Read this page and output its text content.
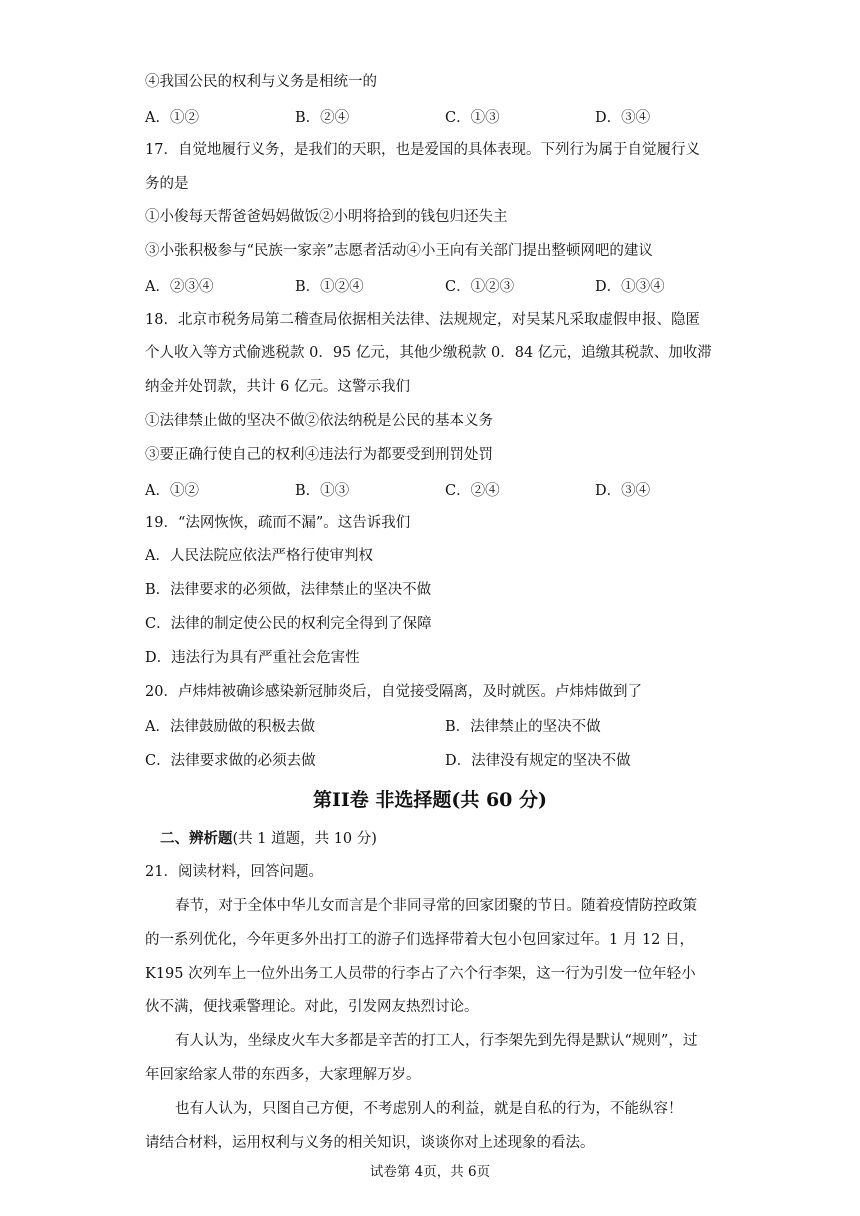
④我国公民的权利与义务是相统一的
A．①②	B．②④	C．①③	D．③④
17．自觉地履行义务，是我们的天职，也是爱国的具体表现。下列行为属于自觉履行义
务的是
①小俊每天帮爸爸妈妈做饭②小明将拾到的钱包归还失主
③小张积极参与“民族一家亲”志愿者活动④小王向有关部门提出整顿网吧的建议
A．②③④	B．①②④	C．①②③	D．①③④
18．北京市税务局第二稽查局依据相关法律、法规规定，对吴某凡采取虚假申报、隐匿
个人收入等方式偷逃税款 0．95 亿元，其他少缴税款 0．84 亿元，追缴其税款、加收滞
纳金并处罚款，共计 6 亿元。这警示我们
①法律禁止做的坚决不做②依法纳税是公民的基本义务
③要正确行使自己的权利④违法行为都要受到刑罚处罚
A．①②	B．①③	C．②④	D．③④
19．“法网恢恢，疏而不漏”。这告诉我们
A．人民法院应依法严格行使审判权
B．法律要求的必须做，法律禁止的坚决不做
C．法律的制定使公民的权利完全得到了保障
D．违法行为具有严重社会危害性
20．卢炜炜被确诊感染新冠肺炎后，自觉接受隔离，及时就医。卢炜炜做到了
A．法律鼓励做的积极去做	B．法律禁止的坚决不做
C．法律要求做的必须去做	D．法律没有规定的坚决不做
第II卷 非选择题(共 60 分)
二、辨析题(共 1 道题，共 10 分)
21．阅读材料，回答问题。
春节，对于全体中华儿女而言是个非同寻常的回家团聚的节日。随着疫情防控政策
的一系列优化，今年更多外出打工的游子们选择带着大包小包回家过年。1 月 12 日，
K195 次列车上一位外出务工人员带的行李占了六个行李架，这一行为引发一位年轻小
伙不满，便找乘警理论。对此，引发网友热烈讨论。
有人认为，坐绿皮火车大多都是辛苦的打工人，行李架先到先得是默认“规则”，过
年回家给家人带的东西多，大家理解万岁。
也有人认为，只图自己方便，不考虑别人的利益，就是自私的行为，不能纵容！
请结合材料，运用权利与义务的相关知识，谈谈你对上述现象的看法。
试卷第 4页，共 6页
